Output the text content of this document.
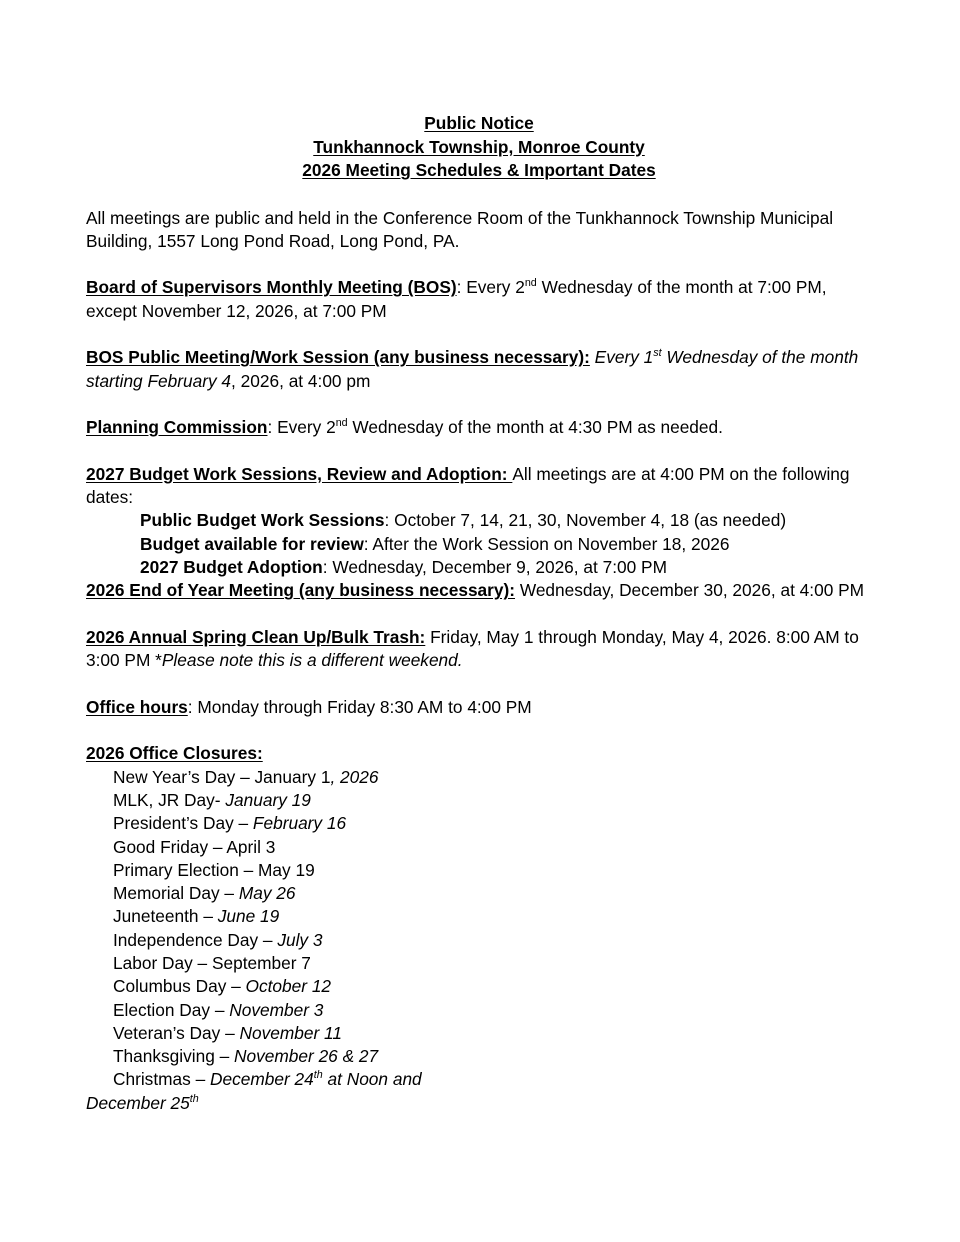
Public Notice
Tunkhannock Township, Monroe County
2026 Meeting Schedules & Important Dates

All meetings are public and held in the Conference Room of the Tunkhannock Township Municipal Building, 1557 Long Pond Road, Long Pond, PA.

Board of Supervisors Monthly Meeting (BOS): Every 2nd Wednesday of the month at 7:00 PM, except November 12, 2026, at 7:00 PM

BOS Public Meeting/Work Session (any business necessary): Every 1st Wednesday of the month starting February 4, 2026, at 4:00 pm

Planning Commission: Every 2nd Wednesday of the month at 4:30 PM as needed.

2027 Budget Work Sessions, Review and Adoption: All meetings are at 4:00 PM on the following dates:

Public Budget Work Sessions: October 7, 14, 21, 30, November 4, 18 (as needed)
Budget available for review: After the Work Session on November 18, 2026
2027 Budget Adoption: Wednesday, December 9, 2026, at 7:00 PM

2026 End of Year Meeting (any business necessary): Wednesday, December 30, 2026, at 4:00 PM

2026 Annual Spring Clean Up/Bulk Trash: Friday, May 1 through Monday, May 4, 2026. 8:00 AM to 3:00 PM *Please note this is a different weekend.

Office hours: Monday through Friday 8:30 AM to 4:00 PM

2026 Office Closures:

New Year’s Day – January 1, 2026
MLK, JR Day- January 19
President’s Day – February 16
Good Friday – April 3
Primary Election – May 19
Memorial Day – May 26
Juneteenth – June 19
Independence Day – July 3
Labor Day – September 7
Columbus Day – October 12
Election Day – November 3
Veteran’s Day – November 11
Thanksgiving – November 26 & 27
Christmas – December 24th at Noon and
December 25th
